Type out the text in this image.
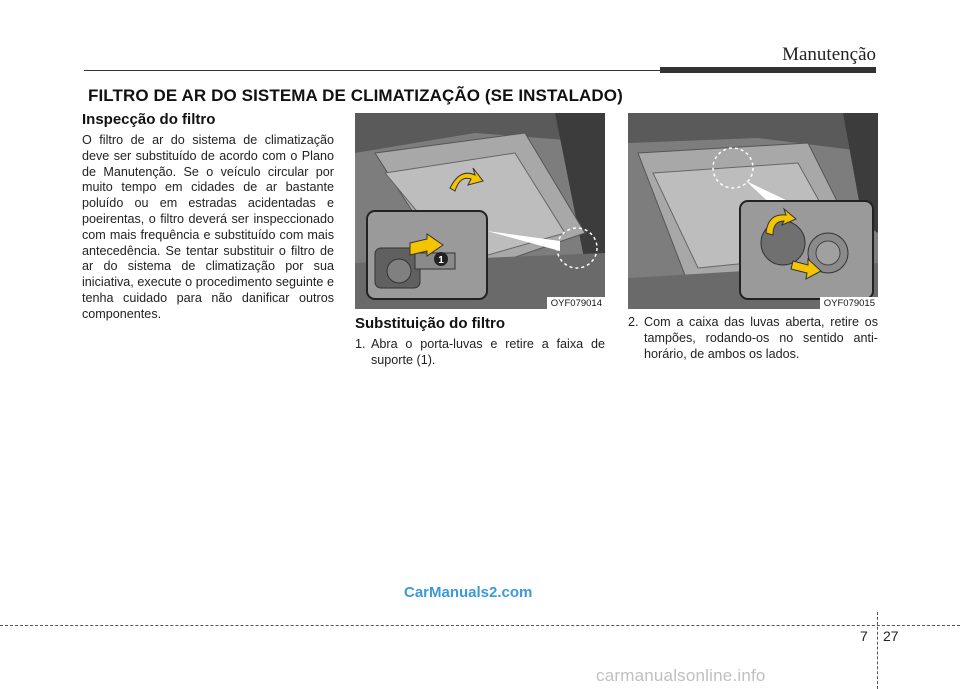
Manutenção
FILTRO DE AR DO SISTEMA DE CLIMATIZAÇÃO (SE INSTALADO)
Inspecção do filtro

O filtro de ar do sistema de climatização deve ser substituído de acordo com o Plano de Manutenção. Se o veículo circular por muito tempo em cidades de ar bastante poluído ou em estradas acidentadas e poeirentas, o filtro deverá ser inspeccionado com mais frequência e substituído com mais antecedência. Se tentar substituir o filtro de ar do sistema de climatização por sua iniciativa, execute o procedimento seguinte e tenha cuidado para não danificar outros componentes.

1
OYF079014	OYF079015
Substituição do filtro
1. Abra o porta-luvas e retire a faixa de suporte (1).
2. Com a caixa das luvas aberta, retire os tampões, rodando-os no sentido anti-horário, de ambos os lados.
CarManuals2.com
7 27
carmanualsonline.info
